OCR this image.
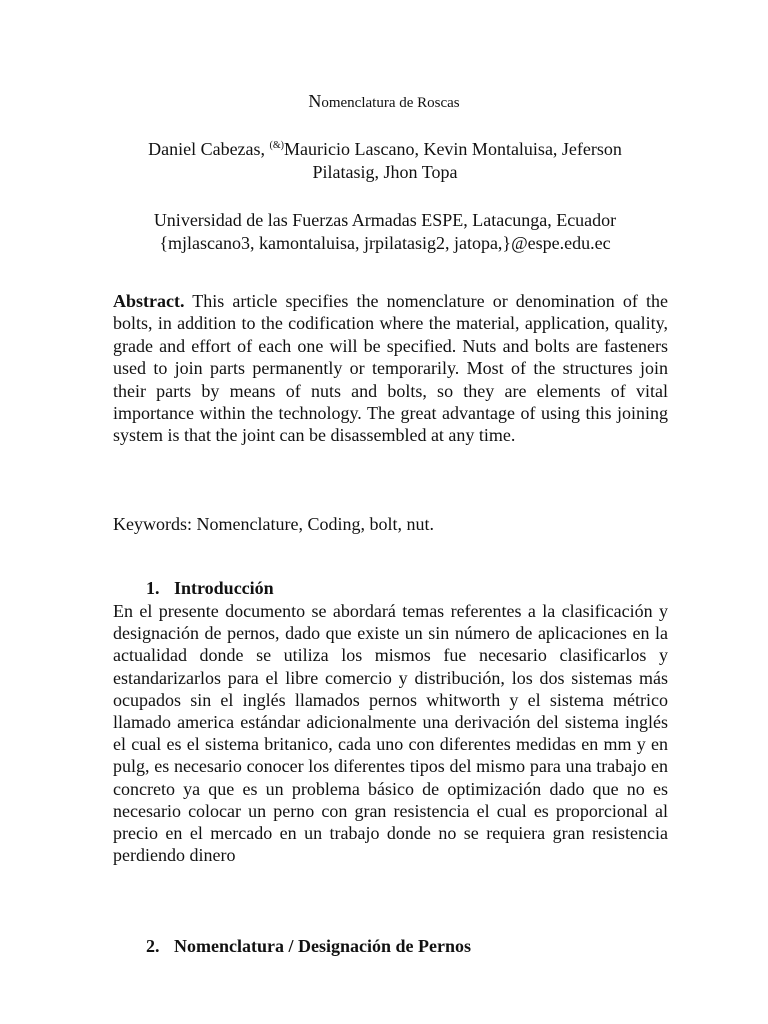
Nomenclatura de Roscas
Daniel Cabezas, (&)Mauricio Lascano, Kevin Montaluisa, Jeferson
Pilatasig, Jhon Topa
Universidad de las Fuerzas Armadas ESPE, Latacunga, Ecuador
{mjlascano3, kamontaluisa, jrpilatasig2, jatopa,}@espe.edu.ec
Abstract. This article specifies the nomenclature or denomination of the bolts, in addition to the codification where the material, application, quality, grade and effort of each one will be specified. Nuts and bolts are fasteners used to join parts permanently or temporarily. Most of the structures join their parts by means of nuts and bolts, so they are elements of vital importance within the technology. The great advantage of using this joining system is that the joint can be disassembled at any time.
Keywords: Nomenclature, Coding, bolt, nut.
1. Introducción
En el presente documento se abordará temas referentes a la clasificación y designación de pernos, dado que existe un sin número de aplicaciones en la actualidad donde se utiliza los mismos fue necesario clasificarlos y estandarizarlos para el libre comercio y distribución, los dos sistemas más ocupados sin el inglés llamados pernos whitworth y el sistema métrico llamado america estándar adicionalmente una derivación del sistema inglés el cual es el sistema britanico, cada uno con diferentes medidas en mm y en pulg, es necesario conocer los diferentes tipos del mismo para una trabajo en concreto ya que es un problema básico de optimización dado que no es necesario colocar un perno con gran resistencia el cual es proporcional al precio en el mercado en un trabajo donde no se requiera gran resistencia perdiendo dinero
2. Nomenclatura / Designación de Pernos
